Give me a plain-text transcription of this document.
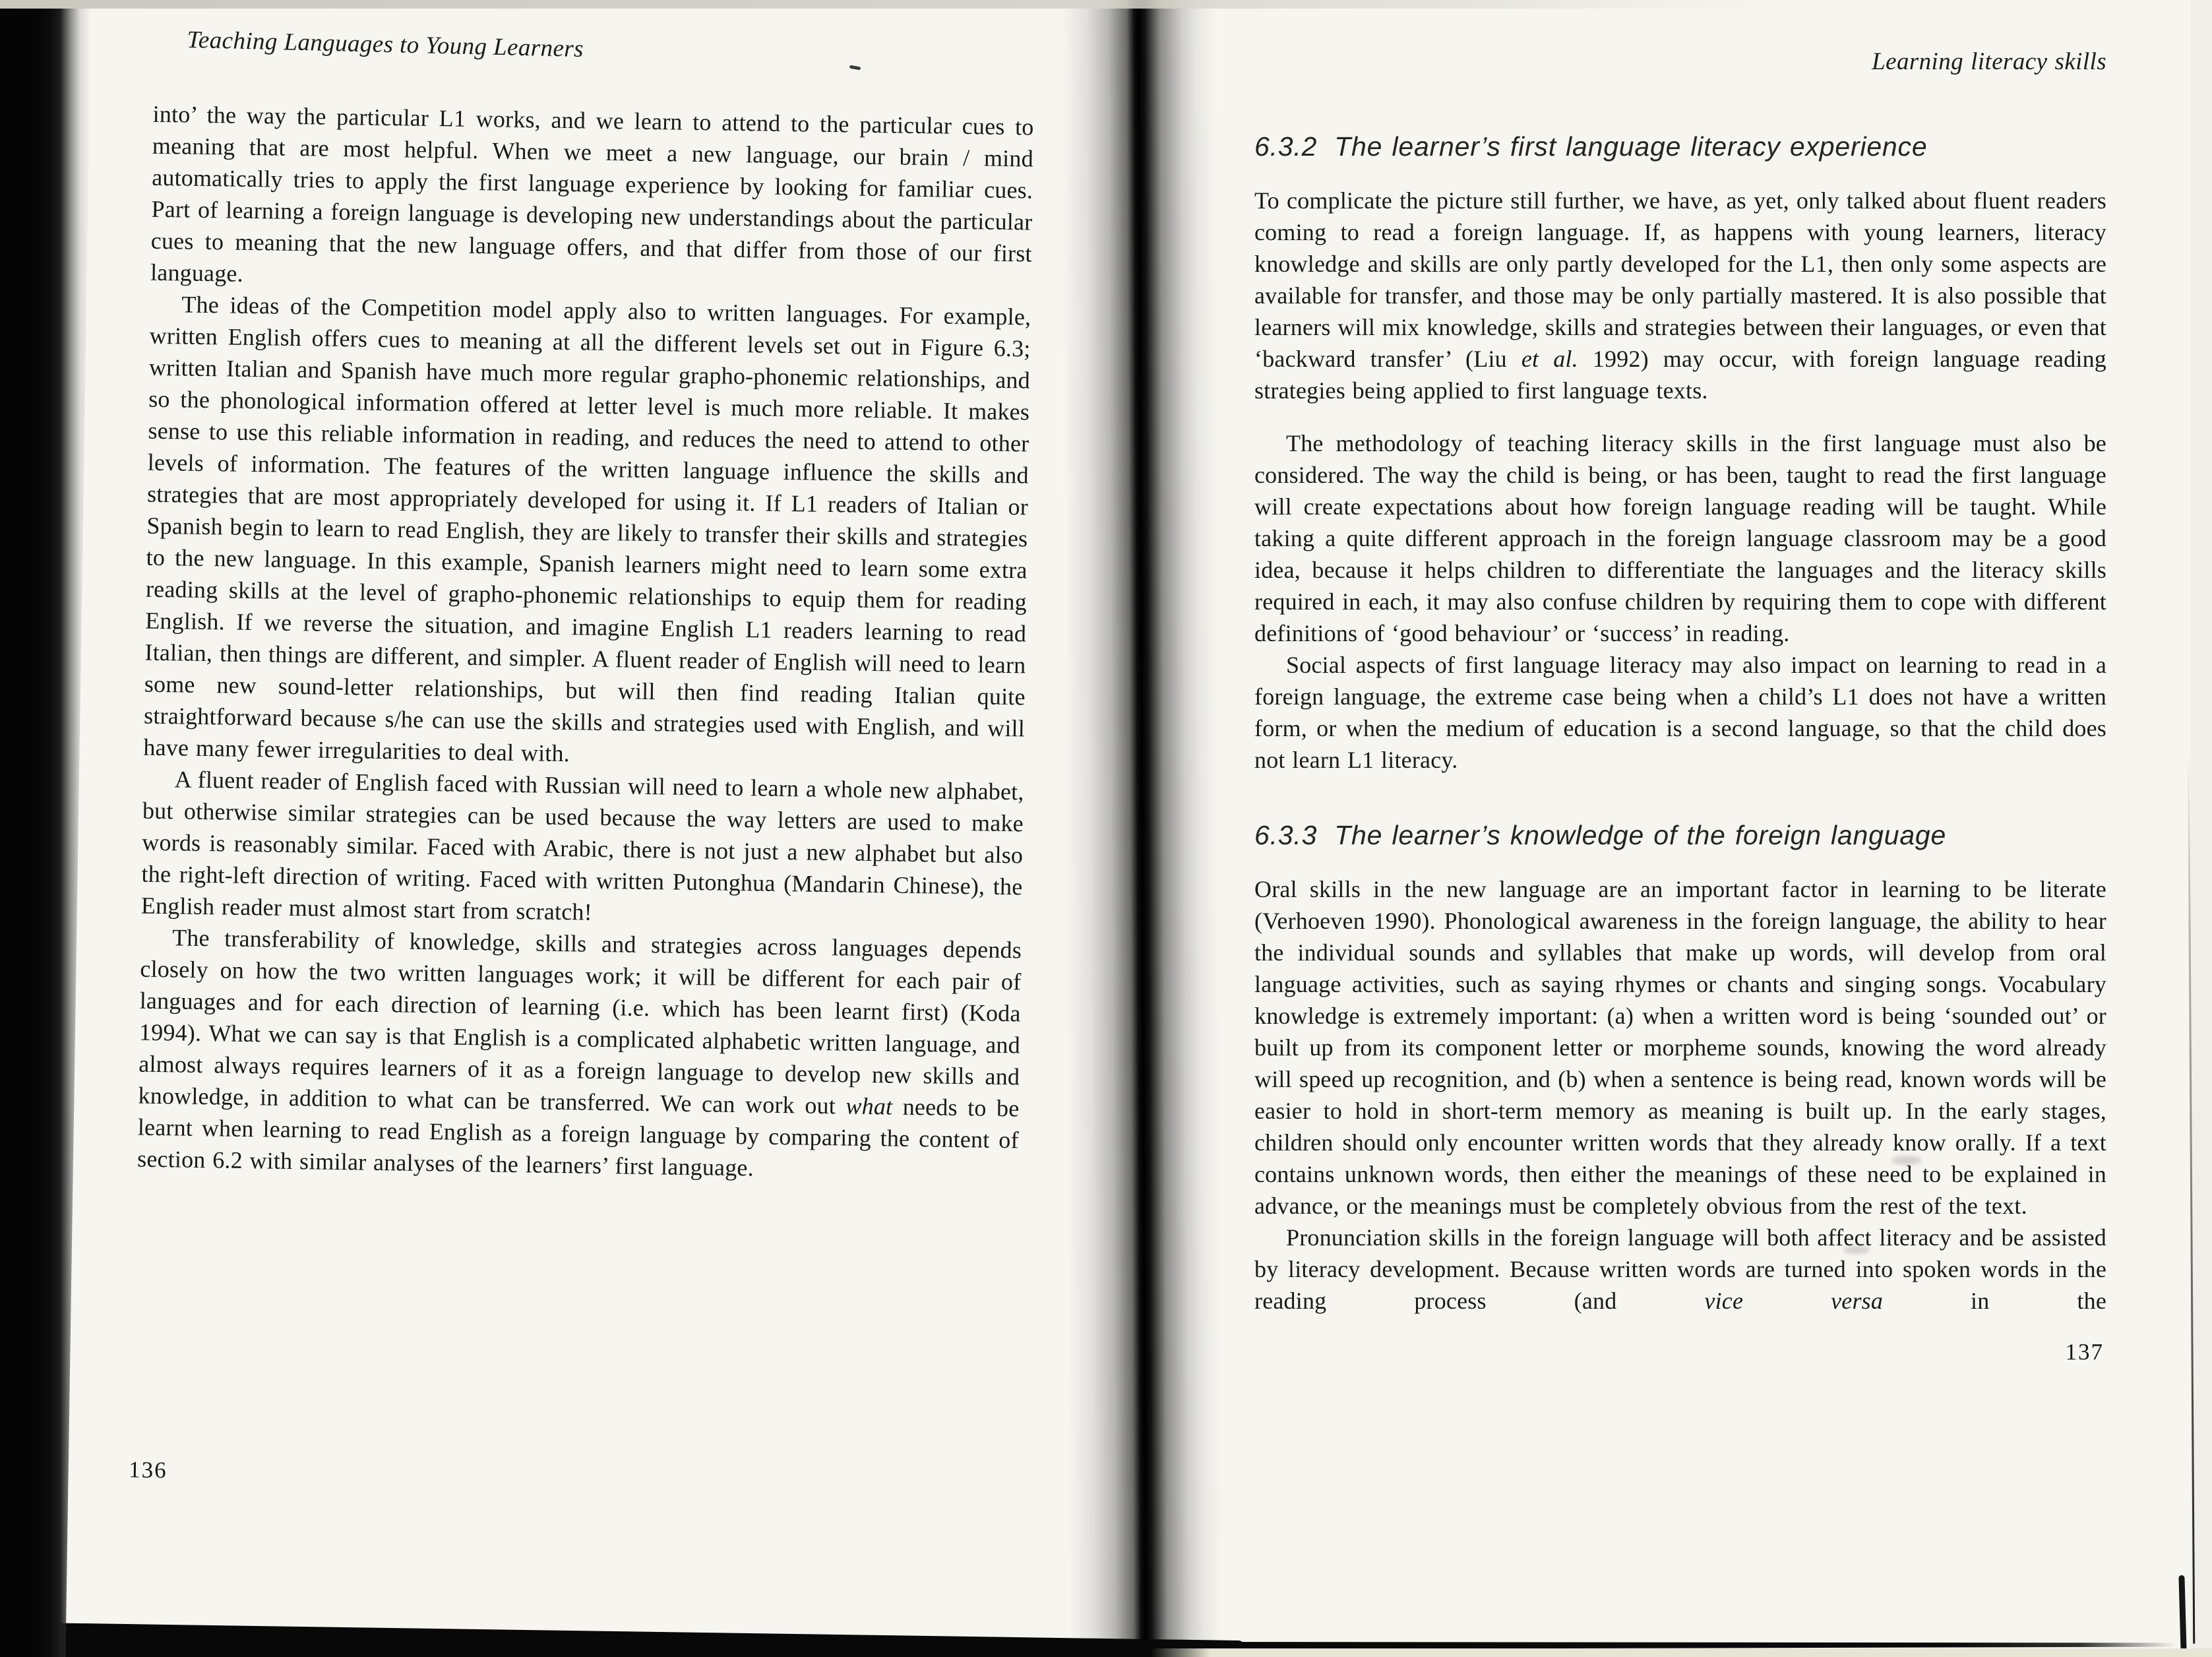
Teaching Languages to Young Learners

into’ the way the particular L1 works, and we learn to attend to the particular cues to meaning that are most helpful. When we meet a new language, our brain / mind automatically tries to apply the first language experience by looking for familiar cues. Part of learning a foreign language is developing new understandings about the particular cues to meaning that the new language offers, and that differ from those of our first language.

The ideas of the Competition model apply also to written languages. For example, written English offers cues to meaning at all the different levels set out in Figure 6.3; written Italian and Spanish have much more regular grapho-phonemic relationships, and so the phonological information offered at letter level is much more reliable. It makes sense to use this reliable information in reading, and reduces the need to attend to other levels of information. The features of the written language influence the skills and strategies that are most appropriately developed for using it. If L1 readers of Italian or Spanish begin to learn to read English, they are likely to transfer their skills and strategies to the new language. In this example, Spanish learners might need to learn some extra reading skills at the level of grapho-phonemic relationships to equip them for reading English. If we reverse the situation, and imagine English L1 readers learning to read Italian, then things are different, and simpler. A fluent reader of English will need to learn some new sound-letter relationships, but will then find reading Italian quite straightforward because s/he can use the skills and strategies used with English, and will have many fewer irregularities to deal with.

A fluent reader of English faced with Russian will need to learn a whole new alphabet, but otherwise similar strategies can be used because the way letters are used to make words is reasonably similar. Faced with Arabic, there is not just a new alphabet but also the right-left direction of writing. Faced with written Putonghua (Mandarin Chinese), the English reader must almost start from scratch!

The transferability of knowledge, skills and strategies across languages depends closely on how the two written languages work; it will be different for each pair of languages and for each direction of learning (i.e. which has been learnt first) (Koda 1994). What we can say is that English is a complicated alphabetic written language, and almost always requires learners of it as a foreign language to develop new skills and knowledge, in addition to what can be transferred. We can work out what needs to be learnt when learning to read English as a foreign language by comparing the content of section 6.2 with similar analyses of the learners’ first language.

136
Learning literacy skills
6.3.2 The learner’s first language literacy experience

To complicate the picture still further, we have, as yet, only talked about fluent readers coming to read a foreign language. If, as happens with young learners, literacy knowledge and skills are only partly developed for the L1, then only some aspects are available for transfer, and those may be only partially mastered. It is also possible that learners will mix knowledge, skills and strategies between their languages, or even that ‘backward transfer’ (Liu et al. 1992) may occur, with foreign language reading strategies being applied to first language texts.

The methodology of teaching literacy skills in the first language must also be considered. The way the child is being, or has been, taught to read the first language will create expectations about how foreign language reading will be taught. While taking a quite different approach in the foreign language classroom may be a good idea, because it helps children to differentiate the languages and the literacy skills required in each, it may also confuse children by requiring them to cope with different definitions of ‘good behaviour’ or ‘success’ in reading.

Social aspects of first language literacy may also impact on learning to read in a foreign language, the extreme case being when a child’s L1 does not have a written form, or when the medium of education is a second language, so that the child does not learn L1 literacy.

6.3.3 The learner’s knowledge of the foreign language

Oral skills in the new language are an important factor in learning to be literate (Verhoeven 1990). Phonological awareness in the foreign language, the ability to hear the individual sounds and syllables that make up words, will develop from oral language activities, such as saying rhymes or chants and singing songs. Vocabulary knowledge is extremely important: (a) when a written word is being ‘sounded out’ or built up from its component letter or morpheme sounds, knowing the word already will speed up recognition, and (b) when a sentence is being read, known words will be easier to hold in short-term memory as meaning is built up. In the early stages, children should only encounter written words that they already know orally. If a text contains unknown words, then either the meanings of these need to be explained in advance, or the meanings must be completely obvious from the rest of the text.

Pronunciation skills in the foreign language will both affect literacy and be assisted by literacy development. Because written words are turned into spoken words in the reading process (and vice versa in the

137
